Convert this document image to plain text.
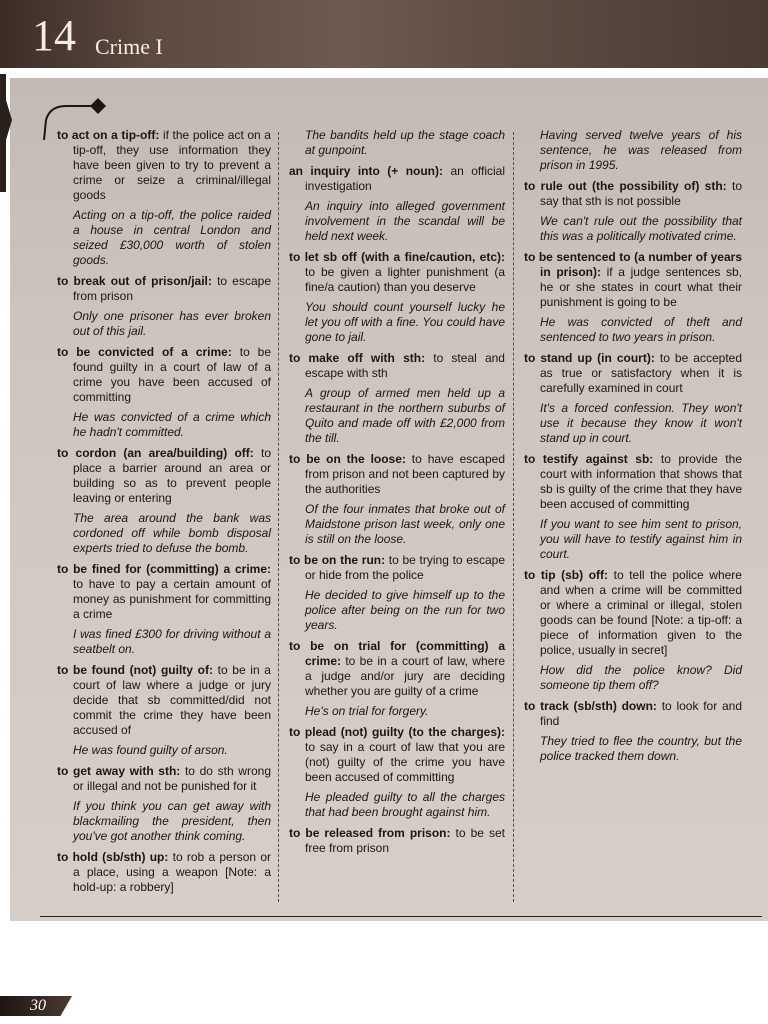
14 Crime I

to act on a tip-off: if the police act on a tip-off, they use information they have been given to try to prevent a crime or seize a criminal/illegal goods

Acting on a tip-off, the police raided a house in central London and seized £30,000 worth of stolen goods.

to break out of prison/jail: to escape from prison

Only one prisoner has ever broken out of this jail.

to be convicted of a crime: to be found guilty in a court of law of a crime you have been accused of committing

He was convicted of a crime which he hadn't committed.

to cordon (an area/building) off: to place a barrier around an area or building so as to prevent people leaving or entering

The area around the bank was cordoned off while bomb disposal experts tried to defuse the bomb.

to be fined for (committing) a crime: to have to pay a certain amount of money as punishment for committing a crime

I was fined £300 for driving without a seatbelt on.

to be found (not) guilty of: to be in a court of law where a judge or jury decide that sb committed/did not commit the crime they have been accused of

He was found guilty of arson.

to get away with sth: to do sth wrong or illegal and not be punished for it

If you think you can get away with blackmailing the president, then you've got another think coming.

to hold (sb/sth) up: to rob a person or a place, using a weapon [Note: a hold-up: a robbery]

The bandits held up the stage coach at gunpoint.

an inquiry into (+ noun): an official investigation

An inquiry into alleged government involvement in the scandal will be held next week.

to let sb off (with a fine/caution, etc): to be given a lighter punishment (a fine/a caution) than you deserve

You should count yourself lucky he let you off with a fine. You could have gone to jail.

to make off with sth: to steal and escape with sth

A group of armed men held up a restaurant in the northern suburbs of Quito and made off with £2,000 from the till.

to be on the loose: to have escaped from prison and not been captured by the authorities

Of the four inmates that broke out of Maidstone prison last week, only one is still on the loose.

to be on the run: to be trying to escape or hide from the police

He decided to give himself up to the police after being on the run for two years.

to be on trial for (committing) a crime: to be in a court of law, where a judge and/or jury are deciding whether you are guilty of a crime

He's on trial for forgery.

to plead (not) guilty (to the charges): to say in a court of law that you are (not) guilty of the crime you have been accused of committing

He pleaded guilty to all the charges that had been brought against him.

to be released from prison: to be set free from prison

Having served twelve years of his sentence, he was released from prison in 1995.

to rule out (the possibility of) sth: to say that sth is not possible

We can't rule out the possibility that this was a politically motivated crime.

to be sentenced to (a number of years in prison): if a judge sentences sb, he or she states in court what their punishment is going to be

He was convicted of theft and sentenced to two years in prison.

to stand up (in court): to be accepted as true or satisfactory when it is carefully examined in court

It's a forced confession. They won't use it because they know it won't stand up in court.

to testify against sb: to provide the court with information that shows that sb is guilty of the crime that they have been accused of committing

If you want to see him sent to prison, you will have to testify against him in court.

to tip (sb) off: to tell the police where and when a crime will be committed or where a criminal or illegal, stolen goods can be found [Note: a tip-off: a piece of information given to the police, usually in secret]

How did the police know? Did someone tip them off?

to track (sb/sth) down: to look for and find

They tried to flee the country, but the police tracked them down.

30
